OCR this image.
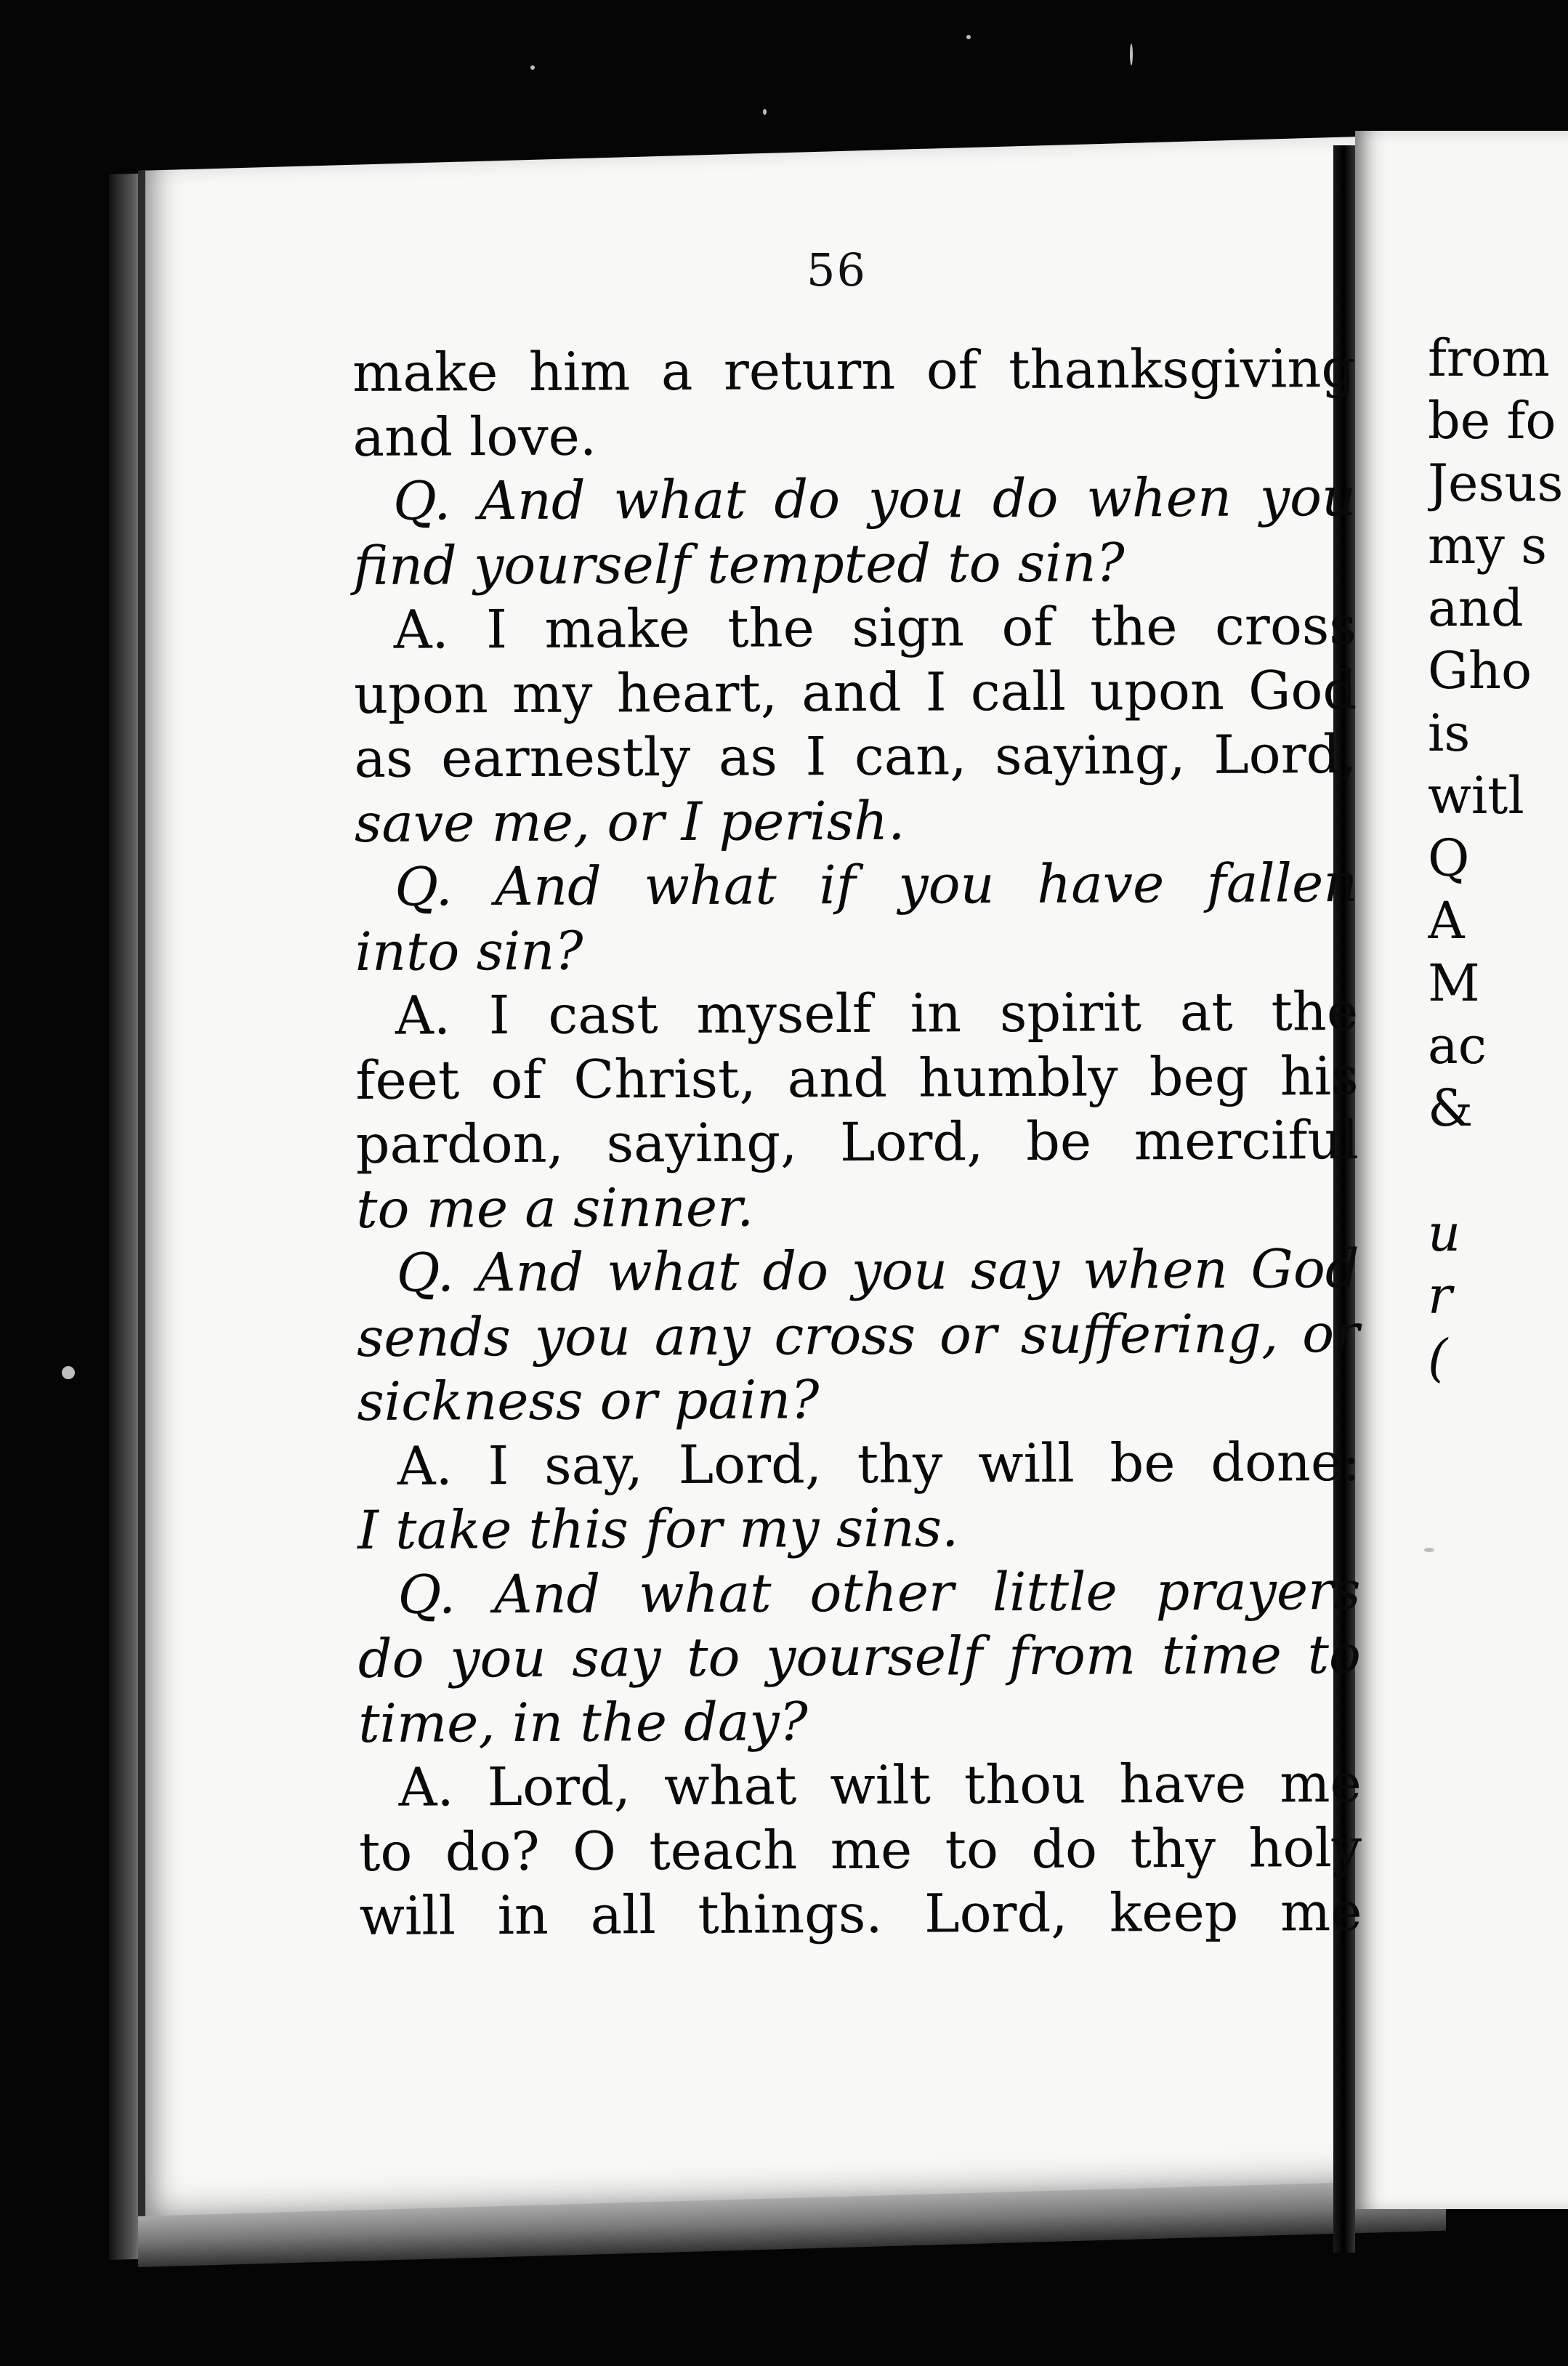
56
make him a return of thanksgiving
and love.
Q. And what do you do when you
find yourself tempted to sin?
A. I make the sign of the cross
upon my heart, and I call upon God
as earnestly as I can, saying, Lord,
save me, or I perish.
Q. And what if you have fallen
into sin?
A. I cast myself in spirit at the
feet of Christ, and humbly beg his
pardon, saying, Lord, be merciful
to me a sinner.
Q. And what do you say when God
sends you any cross or suffering, or
sickness or pain?
A. I say, Lord, thy will be done:
I take this for my sins.
Q. And what other little prayers
do you say to yourself from time to
time, in the day?
A. Lord, what wilt thou have me
to do? O teach me to do thy holy
will in all things. Lord, keep me
from
be fo
Jesus
my s
and
Gho
is
witl
Q
A
M
ac
&
u
r
(
